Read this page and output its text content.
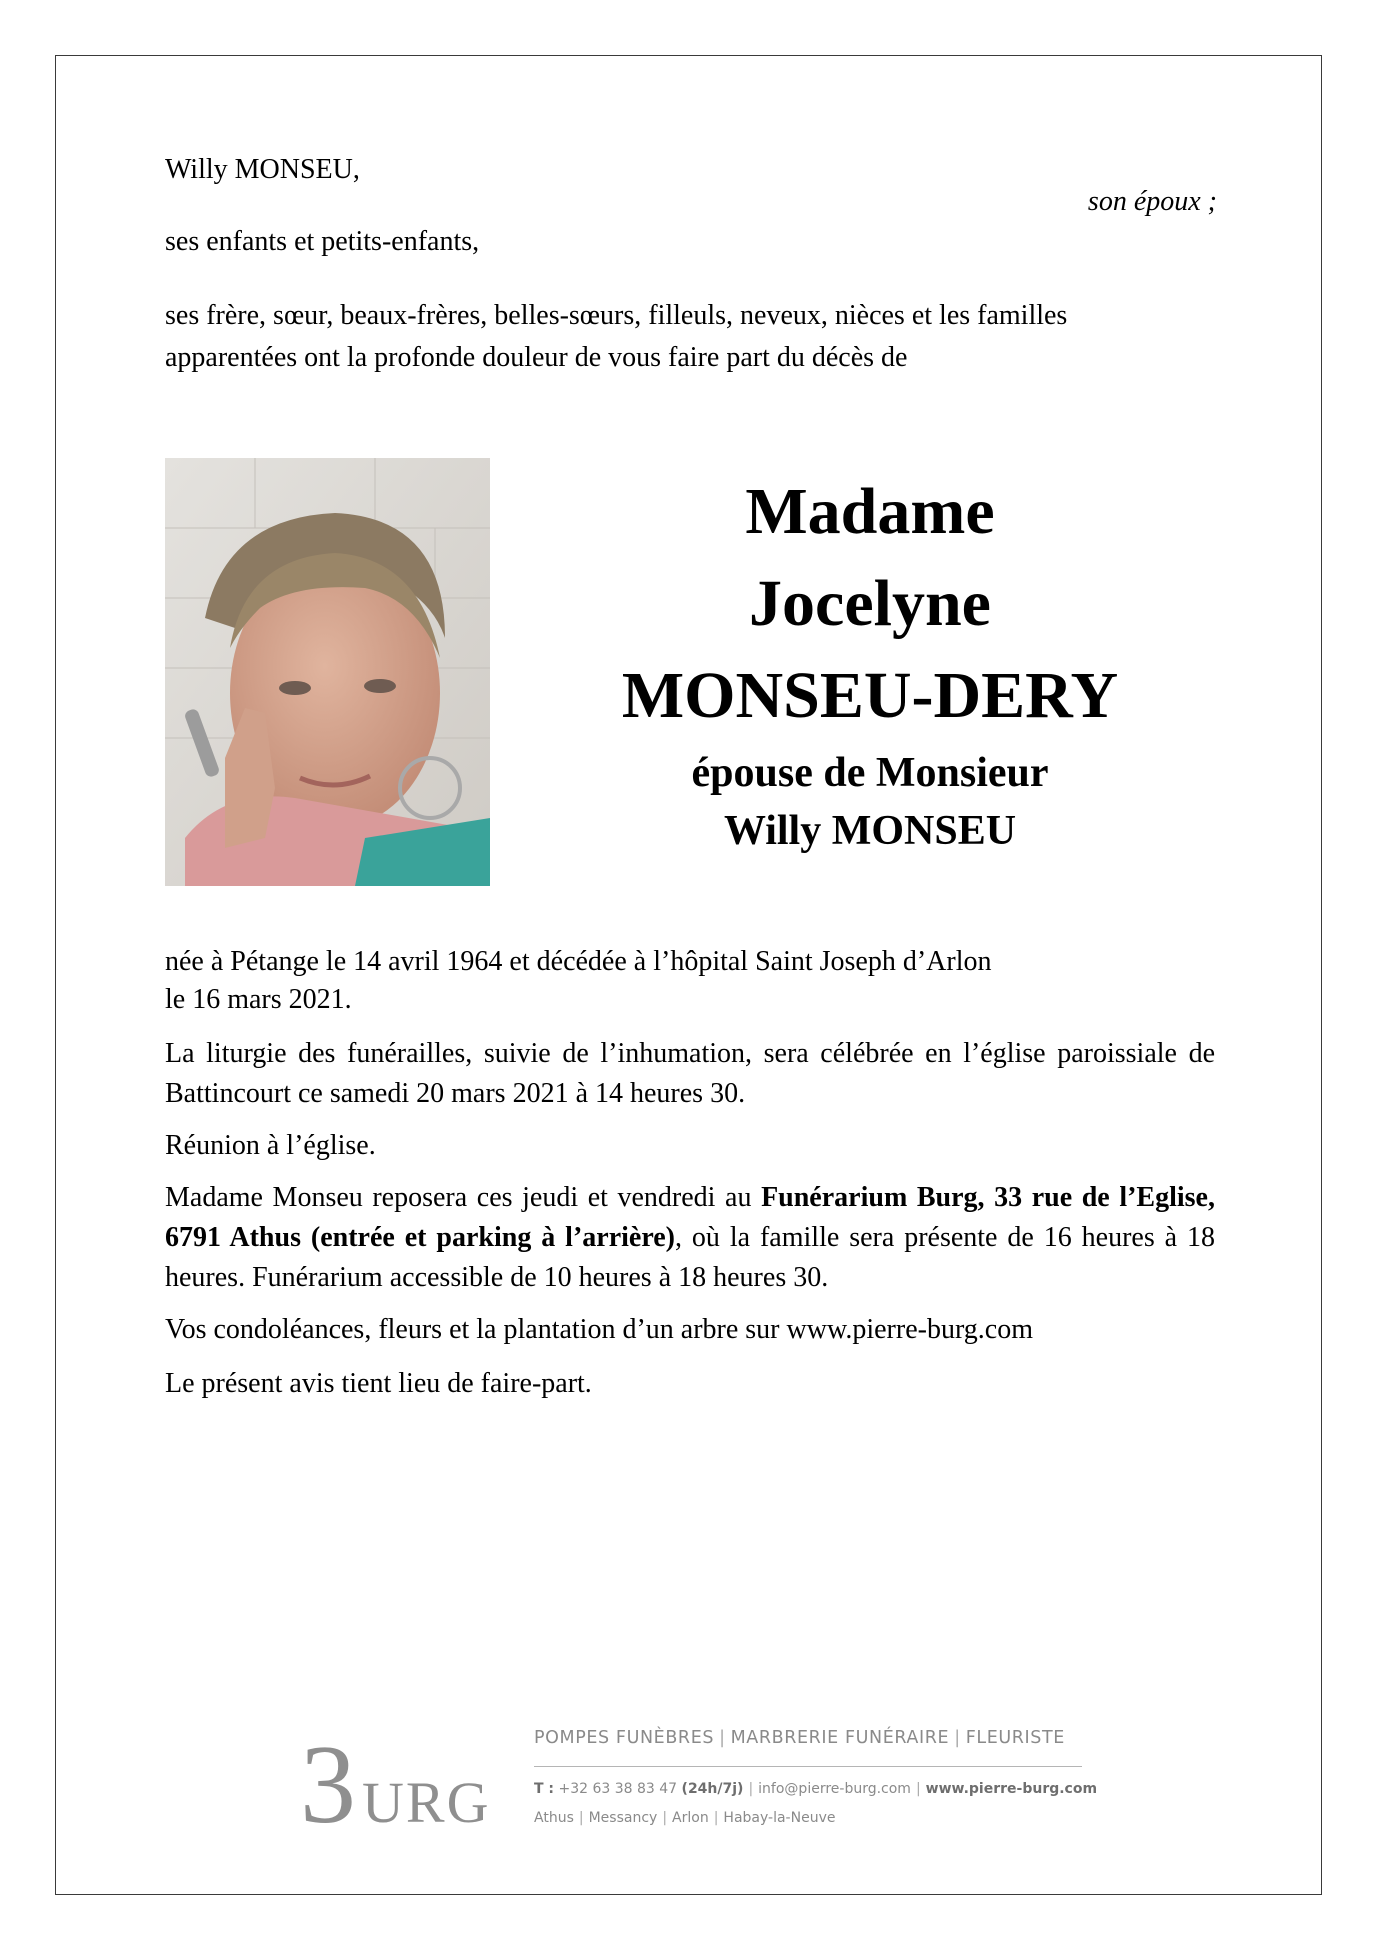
Willy MONSEU,
son époux ;
ses enfants et petits-enfants,
ses frère, sœur, beaux-frères, belles-sœurs, filleuls, neveux, nièces et les familles
apparentées ont la profonde douleur de vous faire part du décès de
Madame
Jocelyne
MONSEU-DERY
épouse de Monsieur
Willy MONSEU
née à Pétange le 14 avril 1964 et décédée à l’hôpital Saint Joseph d’Arlon
le 16 mars 2021.
La liturgie des funérailles, suivie de l’inhumation, sera célébrée en l’église paroissiale de Battincourt ce samedi 20 mars 2021 à 14 heures 30.
Réunion à l’église.
Madame Monseu reposera ces jeudi et vendredi au Funérarium Burg, 33 rue de l’Eglise, 6791 Athus (entrée et parking à l’arrière), où la famille sera présente de 16 heures à 18 heures. Funérarium accessible de 10 heures à 18 heures 30.
Vos condoléances, fleurs et la plantation d’un arbre sur www.pierre-burg.com
Le présent avis tient lieu de faire-part.
3 URG
POMPES FUNÈBRES | MARBRERIE FUNÉRAIRE | FLEURISTE
T : +32 63 38 83 47 (24h/7j) | info@pierre-burg.com | www.pierre-burg.com
Athus | Messancy | Arlon | Habay-la-Neuve
